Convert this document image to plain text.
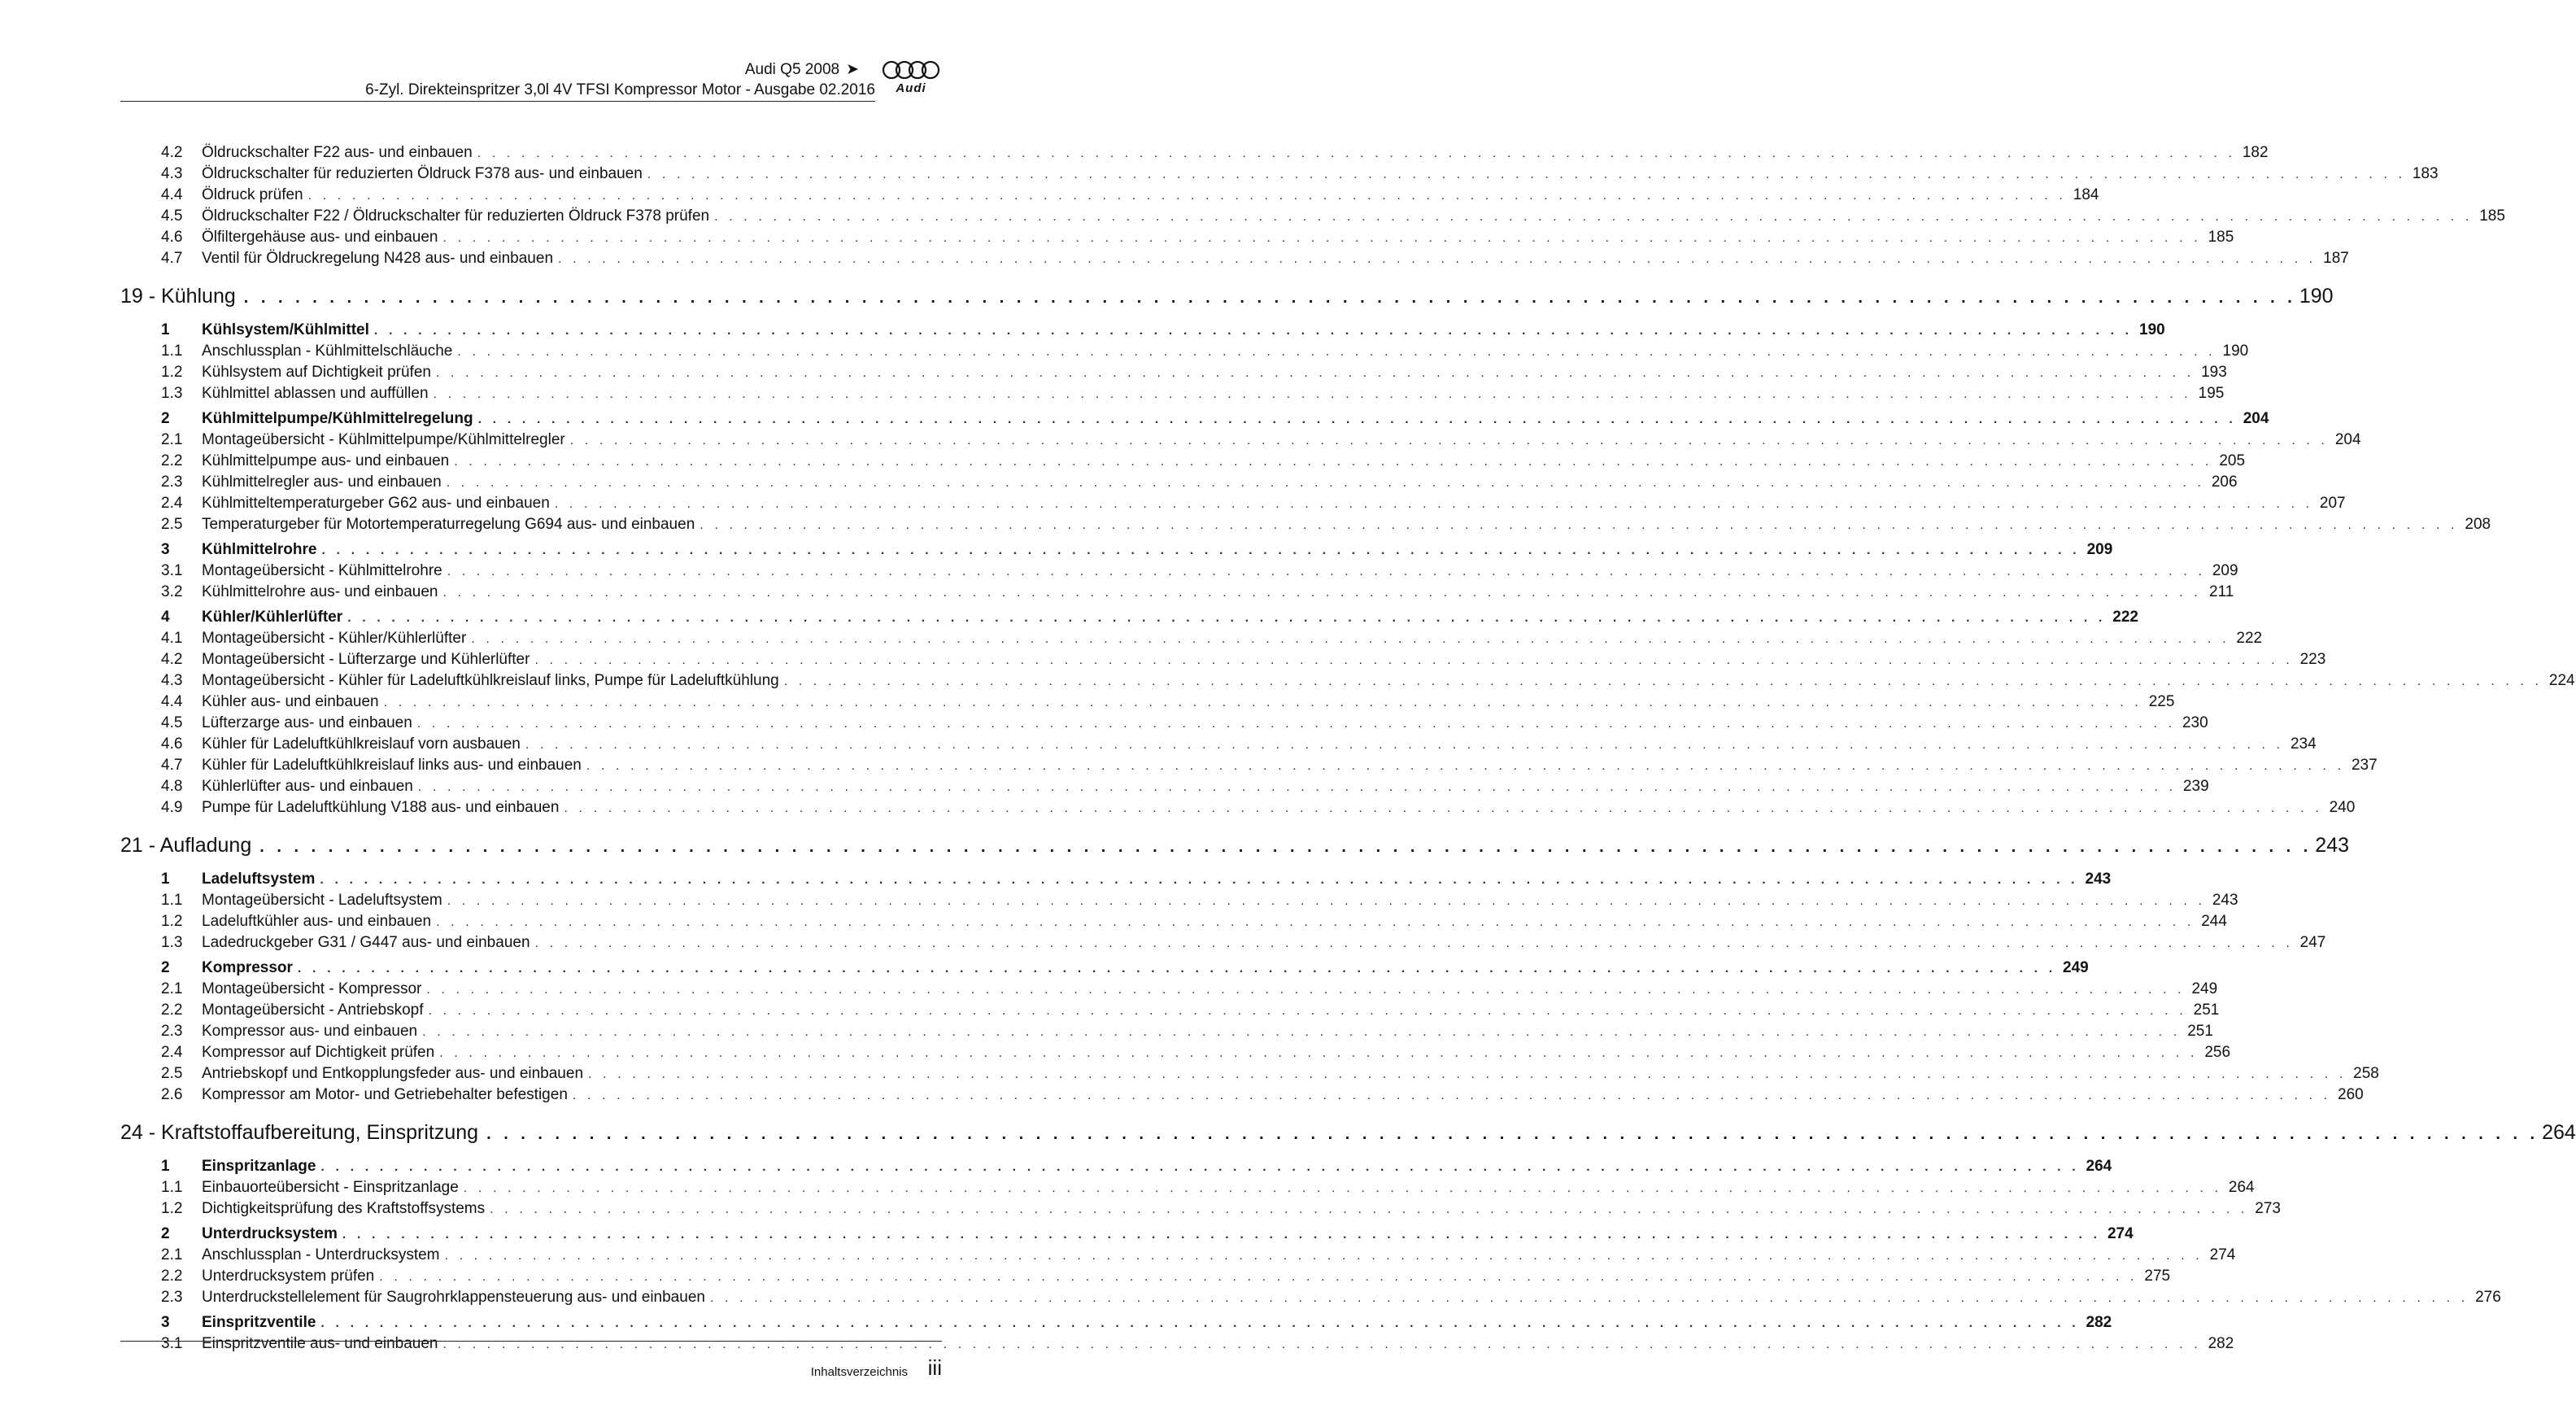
Audi Q5 2008 ➤
6-Zyl. Direkteinspritzer 3,0l 4V TFSI Kompressor Motor - Ausgabe 02.2016	Audi
4.2	Öldruckschalter F22 aus- und einbauen . . . . . . . . . . . . . . . . . . . . . . . . . . . . . . . . . . . . . . . . . . . . . . . . . . . . . . . . . . . . . . . . . . . . . . . . . . . . . . . . . . . . . . . . . . . . . . . . . . . . . . . . . . . . . . . . . . . . . . . . 182
4.3	Öldruckschalter für reduzierten Öldruck F378 aus- und einbauen . . . . . . . . . . . . . . . . . . . . . . . . . . . . . . . . . . . . . . . . . . . . . . . . . . . . . . . . . . . . . . . . . . . . . . . . . . . . . . . . . . . . . . . . . . . . . . . . . . . . . . . . . . . . . . . . . . . . . . . . 183
4.4	Öldruck prüfen . . . . . . . . . . . . . . . . . . . . . . . . . . . . . . . . . . . . . . . . . . . . . . . . . . . . . . . . . . . . . . . . . . . . . . . . . . . . . . . . . . . . . . . . . . . . . . . . . . . . . . . . . . . . . . . . . . . . . . . . 184
4.5	Öldruckschalter F22 / Öldruckschalter für reduzierten Öldruck F378 prüfen . . . . . . . . . . . . . . . . . . . . . . . . . . . . . . . . . . . . . . . . . . . . . . . . . . . . . . . . . . . . . . . . . . . . . . . . . . . . . . . . . . . . . . . . . . . . . . . . . . . . . . . . . . . . . . . . . . . . . . . . 185
4.6	Ölfiltergehäuse aus- und einbauen . . . . . . . . . . . . . . . . . . . . . . . . . . . . . . . . . . . . . . . . . . . . . . . . . . . . . . . . . . . . . . . . . . . . . . . . . . . . . . . . . . . . . . . . . . . . . . . . . . . . . . . . . . . . . . . . . . . . . . . . 185
4.7	Ventil für Öldruckregelung N428 aus- und einbauen . . . . . . . . . . . . . . . . . . . . . . . . . . . . . . . . . . . . . . . . . . . . . . . . . . . . . . . . . . . . . . . . . . . . . . . . . . . . . . . . . . . . . . . . . . . . . . . . . . . . . . . . . . . . . . . . . . . . . . . . 187
19 - Kühlung . . . . . . . . . . . . . . . . . . . . . . . . . . . . . . . . . . . . . . . . . . . . . . . . . . . . . . . . . . . . . . . . . . . . . . . . . . . . . . . . . . . . . . . . . . . . . . . . . . . . . . . . . . . . . . . . . . . . . . . . 190
1	Kühlsystem/Kühlmittel . . . . . . . . . . . . . . . . . . . . . . . . . . . . . . . . . . . . . . . . . . . . . . . . . . . . . . . . . . . . . . . . . . . . . . . . . . . . . . . . . . . . . . . . . . . . . . . . . . . . . . . . . . . . . . . . . . . . . . . . 190
1.1	Anschlussplan - Kühlmittelschläuche . . . . . . . . . . . . . . . . . . . . . . . . . . . . . . . . . . . . . . . . . . . . . . . . . . . . . . . . . . . . . . . . . . . . . . . . . . . . . . . . . . . . . . . . . . . . . . . . . . . . . . . . . . . . . . . . . . . . . . . . 190
1.2	Kühlsystem auf Dichtigkeit prüfen . . . . . . . . . . . . . . . . . . . . . . . . . . . . . . . . . . . . . . . . . . . . . . . . . . . . . . . . . . . . . . . . . . . . . . . . . . . . . . . . . . . . . . . . . . . . . . . . . . . . . . . . . . . . . . . . . . . . . . . . 193
1.3	Kühlmittel ablassen und auffüllen . . . . . . . . . . . . . . . . . . . . . . . . . . . . . . . . . . . . . . . . . . . . . . . . . . . . . . . . . . . . . . . . . . . . . . . . . . . . . . . . . . . . . . . . . . . . . . . . . . . . . . . . . . . . . . . . . . . . . . . . 195
2	Kühlmittelpumpe/Kühlmittelregelung . . . . . . . . . . . . . . . . . . . . . . . . . . . . . . . . . . . . . . . . . . . . . . . . . . . . . . . . . . . . . . . . . . . . . . . . . . . . . . . . . . . . . . . . . . . . . . . . . . . . . . . . . . . . . . . . . . . . . . . . 204
2.1	Montageübersicht - Kühlmittelpumpe/Kühlmittelregler . . . . . . . . . . . . . . . . . . . . . . . . . . . . . . . . . . . . . . . . . . . . . . . . . . . . . . . . . . . . . . . . . . . . . . . . . . . . . . . . . . . . . . . . . . . . . . . . . . . . . . . . . . . . . . . . . . . . . . . . 204
2.2	Kühlmittelpumpe aus- und einbauen . . . . . . . . . . . . . . . . . . . . . . . . . . . . . . . . . . . . . . . . . . . . . . . . . . . . . . . . . . . . . . . . . . . . . . . . . . . . . . . . . . . . . . . . . . . . . . . . . . . . . . . . . . . . . . . . . . . . . . . . 205
2.3	Kühlmittelregler aus- und einbauen . . . . . . . . . . . . . . . . . . . . . . . . . . . . . . . . . . . . . . . . . . . . . . . . . . . . . . . . . . . . . . . . . . . . . . . . . . . . . . . . . . . . . . . . . . . . . . . . . . . . . . . . . . . . . . . . . . . . . . . . 206
2.4	Kühlmitteltemperaturgeber G62 aus- und einbauen . . . . . . . . . . . . . . . . . . . . . . . . . . . . . . . . . . . . . . . . . . . . . . . . . . . . . . . . . . . . . . . . . . . . . . . . . . . . . . . . . . . . . . . . . . . . . . . . . . . . . . . . . . . . . . . . . . . . . . . . 207
2.5	Temperaturgeber für Motortemperaturregelung G694 aus- und einbauen . . . . . . . . . . . . . . . . . . . . . . . . . . . . . . . . . . . . . . . . . . . . . . . . . . . . . . . . . . . . . . . . . . . . . . . . . . . . . . . . . . . . . . . . . . . . . . . . . . . . . . . . . . . . . . . . . . . . . . . . 208
3	Kühlmittelrohre . . . . . . . . . . . . . . . . . . . . . . . . . . . . . . . . . . . . . . . . . . . . . . . . . . . . . . . . . . . . . . . . . . . . . . . . . . . . . . . . . . . . . . . . . . . . . . . . . . . . . . . . . . . . . . . . . . . . . . . . 209
3.1	Montageübersicht - Kühlmittelrohre . . . . . . . . . . . . . . . . . . . . . . . . . . . . . . . . . . . . . . . . . . . . . . . . . . . . . . . . . . . . . . . . . . . . . . . . . . . . . . . . . . . . . . . . . . . . . . . . . . . . . . . . . . . . . . . . . . . . . . . . 209
3.2	Kühlmittelrohre aus- und einbauen . . . . . . . . . . . . . . . . . . . . . . . . . . . . . . . . . . . . . . . . . . . . . . . . . . . . . . . . . . . . . . . . . . . . . . . . . . . . . . . . . . . . . . . . . . . . . . . . . . . . . . . . . . . . . . . . . . . . . . . . 211
4	Kühler/Kühlerlüfter . . . . . . . . . . . . . . . . . . . . . . . . . . . . . . . . . . . . . . . . . . . . . . . . . . . . . . . . . . . . . . . . . . . . . . . . . . . . . . . . . . . . . . . . . . . . . . . . . . . . . . . . . . . . . . . . . . . . . . . . 222
4.1	Montageübersicht - Kühler/Kühlerlüfter . . . . . . . . . . . . . . . . . . . . . . . . . . . . . . . . . . . . . . . . . . . . . . . . . . . . . . . . . . . . . . . . . . . . . . . . . . . . . . . . . . . . . . . . . . . . . . . . . . . . . . . . . . . . . . . . . . . . . . . . 222
4.2	Montageübersicht - Lüfterzarge und Kühlerlüfter . . . . . . . . . . . . . . . . . . . . . . . . . . . . . . . . . . . . . . . . . . . . . . . . . . . . . . . . . . . . . . . . . . . . . . . . . . . . . . . . . . . . . . . . . . . . . . . . . . . . . . . . . . . . . . . . . . . . . . . . 223
4.3	Montageübersicht - Kühler für Ladeluftkühlkreislauf links, Pumpe für Ladeluftkühlung . . . . . . . . . . . . . . . . . . . . . . . . . . . . . . . . . . . . . . . . . . . . . . . . . . . . . . . . . . . . . . . . . . . . . . . . . . . . . . . . . . . . . . . . . . . . . . . . . . . . . . . . . . . . . . . . . . . . . . . . 224
4.4	Kühler aus- und einbauen . . . . . . . . . . . . . . . . . . . . . . . . . . . . . . . . . . . . . . . . . . . . . . . . . . . . . . . . . . . . . . . . . . . . . . . . . . . . . . . . . . . . . . . . . . . . . . . . . . . . . . . . . . . . . . . . . . . . . . . . 225
4.5	Lüfterzarge aus- und einbauen . . . . . . . . . . . . . . . . . . . . . . . . . . . . . . . . . . . . . . . . . . . . . . . . . . . . . . . . . . . . . . . . . . . . . . . . . . . . . . . . . . . . . . . . . . . . . . . . . . . . . . . . . . . . . . . . . . . . . . . . 230
4.6	Kühler für Ladeluftkühlkreislauf vorn ausbauen . . . . . . . . . . . . . . . . . . . . . . . . . . . . . . . . . . . . . . . . . . . . . . . . . . . . . . . . . . . . . . . . . . . . . . . . . . . . . . . . . . . . . . . . . . . . . . . . . . . . . . . . . . . . . . . . . . . . . . . . 234
4.7	Kühler für Ladeluftkühlkreislauf links aus- und einbauen . . . . . . . . . . . . . . . . . . . . . . . . . . . . . . . . . . . . . . . . . . . . . . . . . . . . . . . . . . . . . . . . . . . . . . . . . . . . . . . . . . . . . . . . . . . . . . . . . . . . . . . . . . . . . . . . . . . . . . . . 237
4.8	Kühlerlüfter aus- und einbauen . . . . . . . . . . . . . . . . . . . . . . . . . . . . . . . . . . . . . . . . . . . . . . . . . . . . . . . . . . . . . . . . . . . . . . . . . . . . . . . . . . . . . . . . . . . . . . . . . . . . . . . . . . . . . . . . . . . . . . . . 239
4.9	Pumpe für Ladeluftkühlung V188 aus- und einbauen . . . . . . . . . . . . . . . . . . . . . . . . . . . . . . . . . . . . . . . . . . . . . . . . . . . . . . . . . . . . . . . . . . . . . . . . . . . . . . . . . . . . . . . . . . . . . . . . . . . . . . . . . . . . . . . . . . . . . . . . 240
21 - Aufladung . . . . . . . . . . . . . . . . . . . . . . . . . . . . . . . . . . . . . . . . . . . . . . . . . . . . . . . . . . . . . . . . . . . . . . . . . . . . . . . . . . . . . . . . . . . . . . . . . . . . . . . . . . . . . . . . . . . . . . . . 243
1	Ladeluftsystem . . . . . . . . . . . . . . . . . . . . . . . . . . . . . . . . . . . . . . . . . . . . . . . . . . . . . . . . . . . . . . . . . . . . . . . . . . . . . . . . . . . . . . . . . . . . . . . . . . . . . . . . . . . . . . . . . . . . . . . . 243
1.1	Montageübersicht - Ladeluftsystem . . . . . . . . . . . . . . . . . . . . . . . . . . . . . . . . . . . . . . . . . . . . . . . . . . . . . . . . . . . . . . . . . . . . . . . . . . . . . . . . . . . . . . . . . . . . . . . . . . . . . . . . . . . . . . . . . . . . . . . . 243
1.2	Ladeluftkühler aus- und einbauen . . . . . . . . . . . . . . . . . . . . . . . . . . . . . . . . . . . . . . . . . . . . . . . . . . . . . . . . . . . . . . . . . . . . . . . . . . . . . . . . . . . . . . . . . . . . . . . . . . . . . . . . . . . . . . . . . . . . . . . . 244
1.3	Ladedruckgeber G31 / G447 aus- und einbauen . . . . . . . . . . . . . . . . . . . . . . . . . . . . . . . . . . . . . . . . . . . . . . . . . . . . . . . . . . . . . . . . . . . . . . . . . . . . . . . . . . . . . . . . . . . . . . . . . . . . . . . . . . . . . . . . . . . . . . . . 247
2	Kompressor . . . . . . . . . . . . . . . . . . . . . . . . . . . . . . . . . . . . . . . . . . . . . . . . . . . . . . . . . . . . . . . . . . . . . . . . . . . . . . . . . . . . . . . . . . . . . . . . . . . . . . . . . . . . . . . . . . . . . . . . 249
2.1	Montageübersicht - Kompressor . . . . . . . . . . . . . . . . . . . . . . . . . . . . . . . . . . . . . . . . . . . . . . . . . . . . . . . . . . . . . . . . . . . . . . . . . . . . . . . . . . . . . . . . . . . . . . . . . . . . . . . . . . . . . . . . . . . . . . . . 249
2.2	Montageübersicht - Antriebskopf . . . . . . . . . . . . . . . . . . . . . . . . . . . . . . . . . . . . . . . . . . . . . . . . . . . . . . . . . . . . . . . . . . . . . . . . . . . . . . . . . . . . . . . . . . . . . . . . . . . . . . . . . . . . . . . . . . . . . . . . 251
2.3	Kompressor aus- und einbauen . . . . . . . . . . . . . . . . . . . . . . . . . . . . . . . . . . . . . . . . . . . . . . . . . . . . . . . . . . . . . . . . . . . . . . . . . . . . . . . . . . . . . . . . . . . . . . . . . . . . . . . . . . . . . . . . . . . . . . . . 251
2.4	Kompressor auf Dichtigkeit prüfen . . . . . . . . . . . . . . . . . . . . . . . . . . . . . . . . . . . . . . . . . . . . . . . . . . . . . . . . . . . . . . . . . . . . . . . . . . . . . . . . . . . . . . . . . . . . . . . . . . . . . . . . . . . . . . . . . . . . . . . . 256
2.5	Antriebskopf und Entkopplungsfeder aus- und einbauen . . . . . . . . . . . . . . . . . . . . . . . . . . . . . . . . . . . . . . . . . . . . . . . . . . . . . . . . . . . . . . . . . . . . . . . . . . . . . . . . . . . . . . . . . . . . . . . . . . . . . . . . . . . . . . . . . . . . . . . . 258
2.6	Kompressor am Motor- und Getriebehalter befestigen . . . . . . . . . . . . . . . . . . . . . . . . . . . . . . . . . . . . . . . . . . . . . . . . . . . . . . . . . . . . . . . . . . . . . . . . . . . . . . . . . . . . . . . . . . . . . . . . . . . . . . . . . . . . . . . . . . . . . . . . 260
24 - Kraftstoffaufbereitung, Einspritzung . . . . . . . . . . . . . . . . . . . . . . . . . . . . . . . . . . . . . . . . . . . . . . . . . . . . . . . . . . . . . . . . . . . . . . . . . . . . . . . . . . . . . . . . . . . . . . . . . . . . . . . . . . . . . . . . . . . . . . . . 264
1	Einspritzanlage . . . . . . . . . . . . . . . . . . . . . . . . . . . . . . . . . . . . . . . . . . . . . . . . . . . . . . . . . . . . . . . . . . . . . . . . . . . . . . . . . . . . . . . . . . . . . . . . . . . . . . . . . . . . . . . . . . . . . . . . 264
1.1	Einbauorteübersicht - Einspritzanlage . . . . . . . . . . . . . . . . . . . . . . . . . . . . . . . . . . . . . . . . . . . . . . . . . . . . . . . . . . . . . . . . . . . . . . . . . . . . . . . . . . . . . . . . . . . . . . . . . . . . . . . . . . . . . . . . . . . . . . . . 264
1.2	Dichtigkeitsprüfung des Kraftstoffsystems . . . . . . . . . . . . . . . . . . . . . . . . . . . . . . . . . . . . . . . . . . . . . . . . . . . . . . . . . . . . . . . . . . . . . . . . . . . . . . . . . . . . . . . . . . . . . . . . . . . . . . . . . . . . . . . . . . . . . . . . 273
2	Unterdrucksystem . . . . . . . . . . . . . . . . . . . . . . . . . . . . . . . . . . . . . . . . . . . . . . . . . . . . . . . . . . . . . . . . . . . . . . . . . . . . . . . . . . . . . . . . . . . . . . . . . . . . . . . . . . . . . . . . . . . . . . . . 274
2.1	Anschlussplan - Unterdrucksystem . . . . . . . . . . . . . . . . . . . . . . . . . . . . . . . . . . . . . . . . . . . . . . . . . . . . . . . . . . . . . . . . . . . . . . . . . . . . . . . . . . . . . . . . . . . . . . . . . . . . . . . . . . . . . . . . . . . . . . . . 274
2.2	Unterdrucksystem prüfen . . . . . . . . . . . . . . . . . . . . . . . . . . . . . . . . . . . . . . . . . . . . . . . . . . . . . . . . . . . . . . . . . . . . . . . . . . . . . . . . . . . . . . . . . . . . . . . . . . . . . . . . . . . . . . . . . . . . . . . . 275
2.3	Unterdruckstellelement für Saugrohrklappensteuerung aus- und einbauen . . . . . . . . . . . . . . . . . . . . . . . . . . . . . . . . . . . . . . . . . . . . . . . . . . . . . . . . . . . . . . . . . . . . . . . . . . . . . . . . . . . . . . . . . . . . . . . . . . . . . . . . . . . . . . . . . . . . . . . . 276
3	Einspritzventile . . . . . . . . . . . . . . . . . . . . . . . . . . . . . . . . . . . . . . . . . . . . . . . . . . . . . . . . . . . . . . . . . . . . . . . . . . . . . . . . . . . . . . . . . . . . . . . . . . . . . . . . . . . . . . . . . . . . . . . . 282
3.1	Einspritzventile aus- und einbauen . . . . . . . . . . . . . . . . . . . . . . . . . . . . . . . . . . . . . . . . . . . . . . . . . . . . . . . . . . . . . . . . . . . . . . . . . . . . . . . . . . . . . . . . . . . . . . . . . . . . . . . . . . . . . . . . . . . . . . . . 282
Inhaltsverzeichnis iii
